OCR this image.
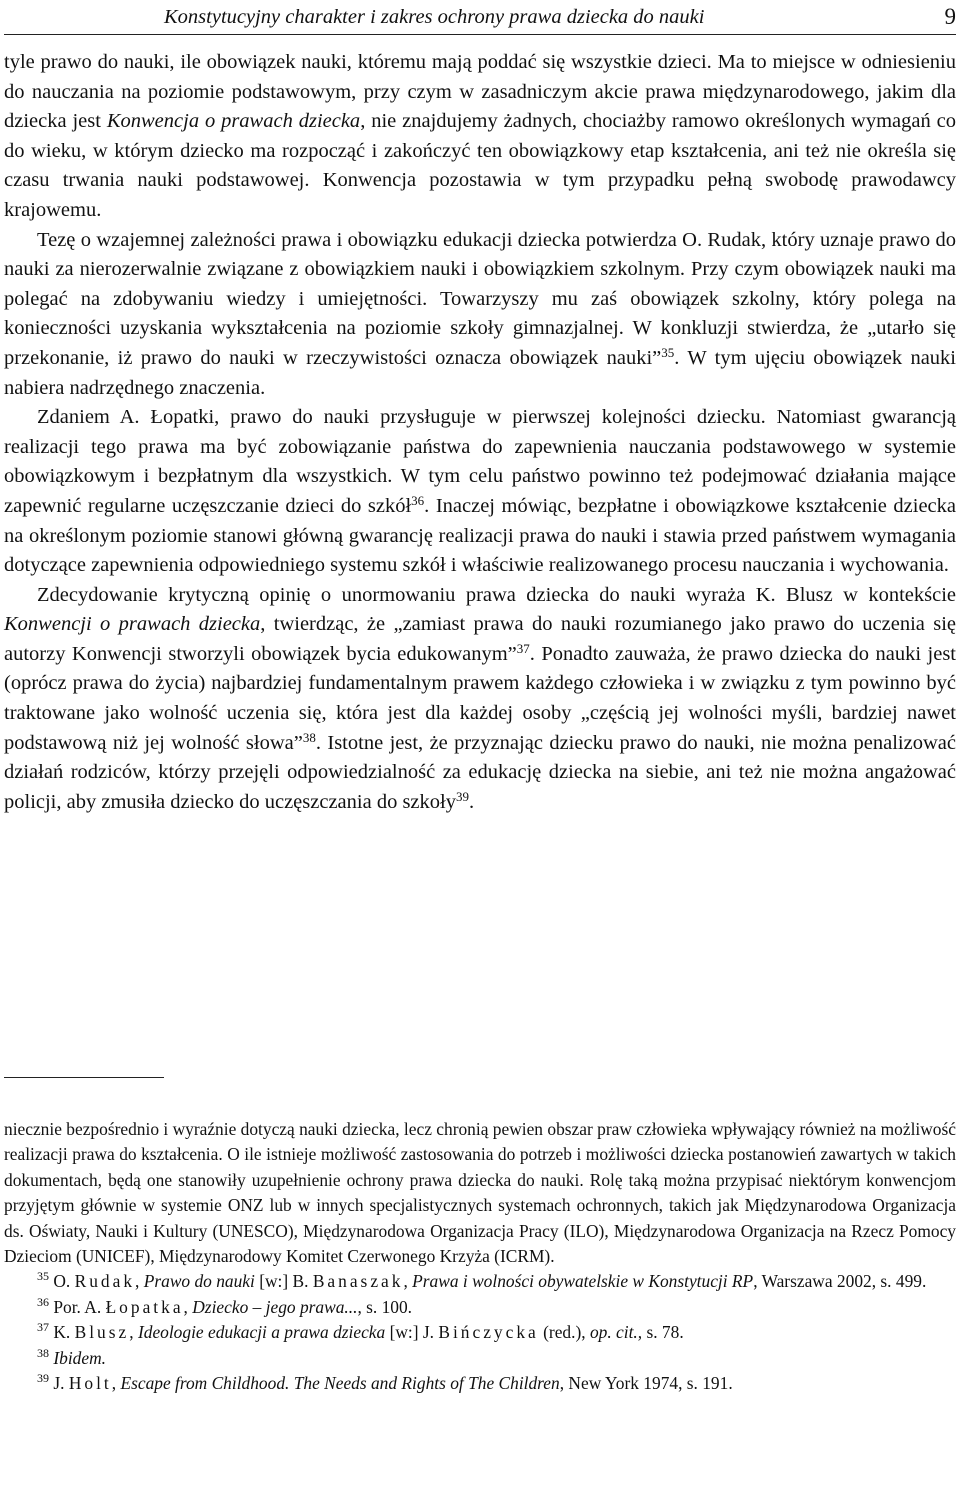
Konstytucyjny charakter i zakres ochrony prawa dziecka do nauki	9

tyle prawo do nauki, ile obowiązek nauki, któremu mają poddać się wszystkie dzieci. Ma to miejsce w odniesieniu do nauczania na poziomie podstawowym, przy czym w zasadniczym akcie prawa międzynarodowego, jakim dla dziecka jest Konwencja o prawach dziecka, nie znajdujemy żadnych, chociażby ramowo określonych wymagań co do wieku, w którym dziecko ma rozpocząć i zakończyć ten obowiązkowy etap kształcenia, ani też nie określa się czasu trwania nauki podstawowej. Konwencja pozostawia w tym przypadku pełną swobodę prawodawcy krajowemu.

Tezę o wzajemnej zależności prawa i obowiązku edukacji dziecka potwierdza O. Rudak, który uznaje prawo do nauki za nierozerwalnie związane z obowiązkiem nauki i obowiązkiem szkolnym. Przy czym obowiązek nauki ma polegać na zdobywaniu wiedzy i umiejętności. Towarzyszy mu zaś obowiązek szkolny, który polega na konieczności uzyskania wykształcenia na poziomie szkoły gimnazjalnej. W konkluzji stwierdza, że „utarło się przekonanie, iż prawo do nauki w rzeczywistości oznacza obowiązek nauki”$^{35}$. W tym ujęciu obowiązek nauki nabiera nadrzędnego znaczenia.

Zdaniem A. Łopatki, prawo do nauki przysługuje w pierwszej kolejności dziecku. Natomiast gwarancją realizacji tego prawa ma być zobowiązanie państwa do zapewnienia nauczania podstawowego w systemie obowiązkowym i bezpłatnym dla wszystkich. W tym celu państwo powinno też podejmować działania mające zapewnić regularne uczęszczanie dzieci do szkół$^{36}$. Inaczej mówiąc, bezpłatne i obowiązkowe kształcenie dziecka na określonym poziomie stanowi główną gwarancję realizacji prawa do nauki i stawia przed państwem wymagania dotyczące zapewnienia odpowiedniego systemu szkół i właściwie realizowanego procesu nauczania i wychowania.

Zdecydowanie krytyczną opinię o unormowaniu prawa dziecka do nauki wyraża K. Blusz w kontekście Konwencji o prawach dziecka, twierdząc, że „zamiast prawa do nauki rozumianego jako prawo do uczenia się autorzy Konwencji stworzyli obowiązek bycia edukowanym”$^{37}$. Ponadto zauważa, że prawo dziecka do nauki jest (oprócz prawa do życia) najbardziej fundamentalnym prawem każdego człowieka i w związku z tym powinno być traktowane jako wolność uczenia się, która jest dla każdej osoby „częścią jej wolności myśli, bardziej nawet podstawową niż jej wolność słowa”$^{38}$. Istotne jest, że przyznając dziecku prawo do nauki, nie można penalizować działań rodziców, którzy przejęli odpowiedzialność za edukację dziecka na siebie, ani też nie można angażować policji, aby zmusiła dziecko do uczęszczania do szkoły$^{39}$.

niecznie bezpośrednio i wyraźnie dotyczą nauki dziecka, lecz chronią pewien obszar praw człowieka wpływający również na możliwość realizacji prawa do kształcenia. O ile istnieje możliwość zastosowania do potrzeb i możliwości dziecka postanowień zawartych w takich dokumentach, będą one stanowiły uzupełnienie ochrony prawa dziecka do nauki. Rolę taką można przypisać niektórym konwencjom przyjętym głównie w systemie ONZ lub w innych specjalistycznych systemach ochronnych, takich jak Międzynarodowa Organizacja ds. Oświaty, Nauki i Kultury (UNESCO), Międzynarodowa Organizacja Pracy (ILO), Międzynarodowa Organizacja na Rzecz Pomocy Dzieciom (UNICEF), Międzynarodowy Komitet Czerwonego Krzyża (ICRM).

$^{35}$ O. Rudak, Prawo do nauki [w:] B. Banaszak, Prawa i wolności obywatelskie w Konstytucji RP, Warszawa 2002, s. 499.

$^{36}$ Por. A. Łopatka, Dziecko – jego prawa..., s. 100.

$^{37}$ K. Blusz, Ideologie edukacji a prawa dziecka [w:] J. Bińczycka (red.), op. cit., s. 78.

$^{38}$ Ibidem.

$^{39}$ J. Holt, Escape from Childhood. The Needs and Rights of The Children, New York 1974, s. 191.
